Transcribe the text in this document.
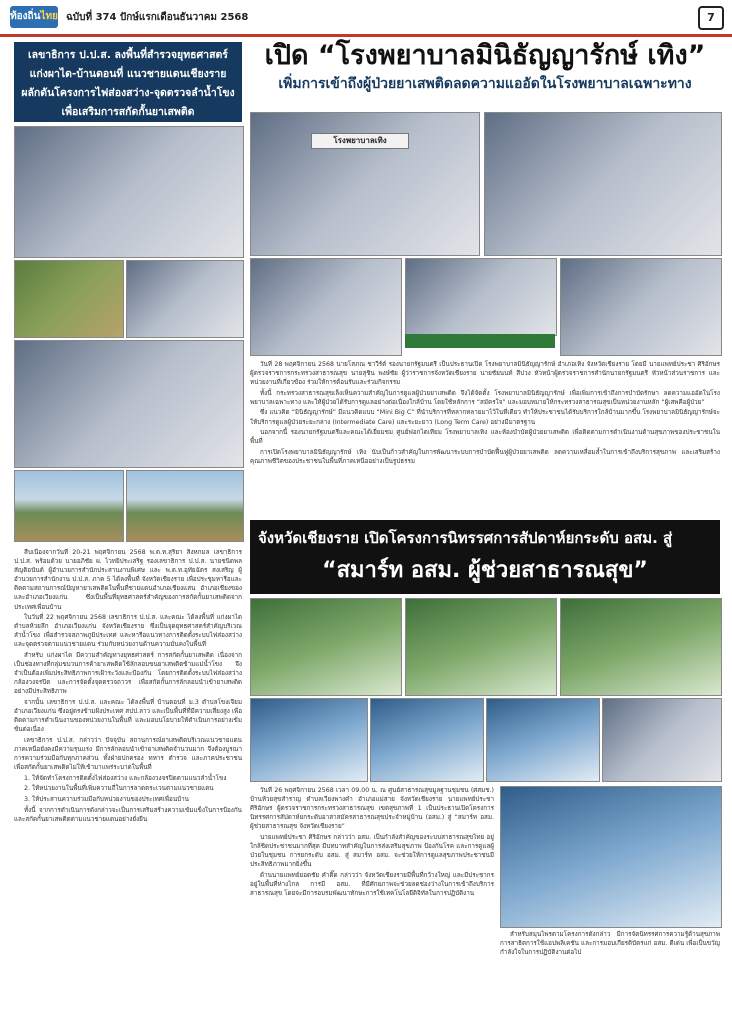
ท้องถิ่นไทย ฉบับที่ 374 ปักษ์แรกเดือนธันวาคม 2568	7
เลขาธิการ ป.ป.ส. ลงพื้นที่สำรวจยุทธศาสตร์
แก่งผาได-บ้านดอนที่ แนวชายแดนเชียงราย
ผลักดันโครงการไฟส่องสว่าง-จุดตรวจลำน้ำโขง
เพื่อเสริมการสกัดกั้นยาเสพติด

สืบเนื่องจากวันที่ 20-21 พฤศจิกายน 2568 พ.ต.ท.สุริยา สิงหกมล เลขาธิการ ป.ป.ส. พร้อมด้วย นายอภิชัย ผ. ไวทยิประเสริฐ รองเลขาธิการ ป.ป.ส. นายชนิดพล สัญติอนันต์ ผู้อำนวยการสำนักประสานงานพิเศษ และ พ.ต.ท.อุทัยฉัตร สงเสริญ ผู้อำนวยการสำนักงาน ป.ป.ส. ภาค 5 ได้ลงพื้นที่ จังหวัดเชียงราย เพื่อประชุมหารือและติดตามสถานการณ์ปัญหายาเสพติดในพื้นที่ชายแดนอำเภอเชียงแสน อำเภอเชียงของ และอำเภอเวียงแก่น ซึ่งเป็นพื้นที่ยุทธศาสตร์สำคัญของการสกัดกั้นยาเสพติดจากประเทศเพื่อนบ้าน

ในวันที่ 22 พฤศจิกายน 2568 เลขาธิการ ป.ป.ส. และคณะ ได้ลงพื้นที่ แก่งผาได ตำบลห้วยลึก อำเภอเวียงแก่น จังหวัดเชียงราย ซึ่งเป็นจุดยุทธศาสตร์สำคัญบริเวณลำน้ำโขง เพื่อสำรวจสภาพภูมิประเทศ และหารือแนวทางการติดตั้งระบบไฟส่องสว่างและจุดตรวจตามแนวชายแดน ร่วมกับหน่วยงานด้านความมั่นคงในพื้นที่

สำหรับ แก่งผาได มีความสำคัญทางยุทธศาสตร์ การสกัดกั้นยาเสพติด เนื่องจากเป็นช่องทางที่กลุ่มขบวนการค้ายาเสพติดใช้ลักลอบขนยาเสพติดข้ามแม่น้ำโขง จึงจำเป็นต้องเพิ่มประสิทธิภาพการเฝ้าระวังและป้องกัน โดยการติดตั้งระบบไฟส่องสว่าง กล้องวงจรปิด และการจัดตั้งจุดตรวจถาวร เพื่อสกัดกั้นการลักลอบนำเข้ายาเสพติดอย่างมีประสิทธิภาพ

จากนั้น เลขาธิการ ป.ป.ส. และคณะ ได้ลงพื้นที่ บ้านดอนที่ ม.3 ตำบลโขงเจียม อำเภอเวียงแก่น ซึ่งอยู่ตรงข้ามฝั่งประเทศ สปป.ลาว และเป็นพื้นที่ที่มีความเสี่ยงสูง เพื่อติดตามการดำเนินงานของหน่วยงานในพื้นที่ และมอบนโยบายให้ดำเนินการอย่างเข้มข้นต่อเนื่อง

เลขาธิการ ป.ป.ส. กล่าวว่า ปัจจุบัน สถานการณ์ยาเสพติดบริเวณแนวชายแดนภาคเหนือยังคงมีความรุนแรง มีการลักลอบนำเข้ายาเสพติดจำนวนมาก จึงต้องบูรณาการความร่วมมือกับทุกภาคส่วน ทั้งฝ่ายปกครอง ทหาร ตำรวจ และภาคประชาชน เพื่อสกัดกั้นยาเสพติดไม่ให้เข้ามาแพร่ระบาดในพื้นที่

1. ให้จัดทำโครงการติดตั้งไฟส่องสว่าง และกล้องวงจรปิดตามแนวลำน้ำโขง

2. ให้หน่วยงานในพื้นที่เพิ่มความถี่ในการลาดตระเวนตามแนวชายแดน

3. ให้ประสานความร่วมมือกับหน่วยงานของประเทศเพื่อนบ้าน

ทั้งนี้ จากการดำเนินการดังกล่าวจะเป็นการเสริมสร้างความเข้มแข็งในการป้องกันและสกัดกั้นยาเสพติดตามแนวชายแดนอย่างยั่งยืน

เปิด “โรงพยาบาลมินิธัญญารักษ์ เทิง”
เพิ่มการเข้าถึงผู้ป่วยยาเสพติดลดความแออัดในโรงพยาบาลเฉพาะทาง
โรงพยาบาลเทิง

วันที่ 28 พฤศจิกายน 2568 นายโสภณ ชาวีร์ต์ รองนายกรัฐมนตรี เป็นประธานเปิด โรงพยาบาลมินิธัญญารักษ์ อำเภอเทิง จังหวัดเชียงราย โดยมี นายแพทย์ประชา ศิริอักษร ผู้ตรวจราชการกระทรวงสาธารณสุข นายสุชิน พงษ์ชัย ผู้ว่าราชการจังหวัดเชียงราย นายชัยนนท์ สีปวง หัวหน้าผู้ตรวจราชการสำนักนายกรัฐมนตรี หัวหน้าส่วนราชการ และหน่วยงานที่เกี่ยวข้อง ร่วมให้การต้อนรับและร่วมกิจกรรม

ทั้งนี้ กระทรวงสาธารณสุขเล็งเห็นความสำคัญในการดูแลผู้ป่วยยาเสพติด จึงได้จัดตั้ง โรงพยาบาลมินิธัญญารักษ์ เพื่อเพิ่มการเข้าถึงการบำบัดรักษา ลดความแออัดในโรงพยาบาลเฉพาะทาง และให้ผู้ป่วยได้รับการดูแลอย่างต่อเนื่องใกล้บ้าน โดยใช้หลักการ “สมัครใจ” และมอบหมายให้กระทรวงสาธารณสุขเป็นหน่วยงานหลัก “ผู้เสพคือผู้ป่วย”

ซึ่ง แนวคิด “มินิธัญญารักษ์” มีแนวคิดแบบ “Mini Big C” ที่นำบริการที่หลากหลายมาไว้ในที่เดียว ทำให้ประชาชนได้รับบริการใกล้บ้านมากขึ้น โรงพยาบาลมินิธัญญารักษ์จะให้บริการดูแลผู้ป่วยระยะกลาง (Intermediate Care) และระยะยาว (Long Term Care) อย่างมีมาตรฐาน

นอกจากนี้ รองนายกรัฐมนตรีและคณะได้เยี่ยมชม ศูนย์ฟอกไตเทียม โรงพยาบาลเทิง และห้องบำบัดผู้ป่วยยาเสพติด เพื่อติดตามการดำเนินงานด้านสุขภาพของประชาชนในพื้นที่

การเปิดโรงพยาบาลมินิธัญญารักษ์ เทิง นับเป็นก้าวสำคัญในการพัฒนาระบบการบำบัดฟื้นฟูผู้ป่วยยาเสพติด ลดความเหลื่อมล้ำในการเข้าถึงบริการสุขภาพ และเสริมสร้างคุณภาพชีวิตของประชาชนในพื้นที่ภาคเหนืออย่างเป็นรูปธรรม

จังหวัดเชียงราย เปิดโครงการนิทรรศการสัปดาห์ยกระดับ อสม. สู่
“สมาร์ท อสม. ผู้ช่วยสาธารณสุข”

วันที่ 26 พฤศจิกายน 2568 เวลา 09.00 น. ณ ศูนย์สาธารณสุขมูลฐานชุมชน (ศสมช.) บ้านห้วยสุขสำราญ ตำบลเวียงพางคำ อำเภอแม่สาย จังหวัดเชียงราย นายแพทย์ประชา ศิริอักษร ผู้ตรวจราชการกระทรวงสาธารณสุข เขตสุขภาพที่ 1 เป็นประธานเปิดโครงการนิทรรศการสัปดาห์ยกระดับอาสาสมัครสาธารณสุขประจำหมู่บ้าน (อสม.) สู่ “สมาร์ท อสม. ผู้ช่วยสาธารณสุข จังหวัดเชียงราย”

นายแพทย์ประชา ศิริอักษร กล่าวว่า อสม. เป็นกำลังสำคัญของระบบสาธารณสุขไทย อยู่ใกล้ชิดประชาชนมากที่สุด มีบทบาทสำคัญในการส่งเสริมสุขภาพ ป้องกันโรค และการดูแลผู้ป่วยในชุมชน การยกระดับ อสม. สู่ สมาร์ท อสม. จะช่วยให้การดูแลสุขภาพประชาชนมีประสิทธิภาพมากยิ่งขึ้น

ด้านนายแพทย์ยอดชัย คำติ๊ด กล่าวว่า จังหวัดเชียงรายมีพื้นที่กว้างใหญ่ และมีประชากรอยู่ในพื้นที่ห่างไกล การมี อสม. ที่มีศักยภาพจะช่วยลดช่องว่างในการเข้าถึงบริการสาธารณสุข โดยจะมีการอบรมพัฒนาทักษะการใช้เทคโนโลยีดิจิทัลในการปฏิบัติงาน

สำหรับสมุนไพรตามโครงการดังกล่าว มีการจัดนิทรรศการความรู้ด้านสุขภาพ การสาธิตการใช้แอปพลิเคชัน และการมอบเกียรติบัตรแก่ อสม. ดีเด่น เพื่อเป็นขวัญกำลังใจในการปฏิบัติงานต่อไป
